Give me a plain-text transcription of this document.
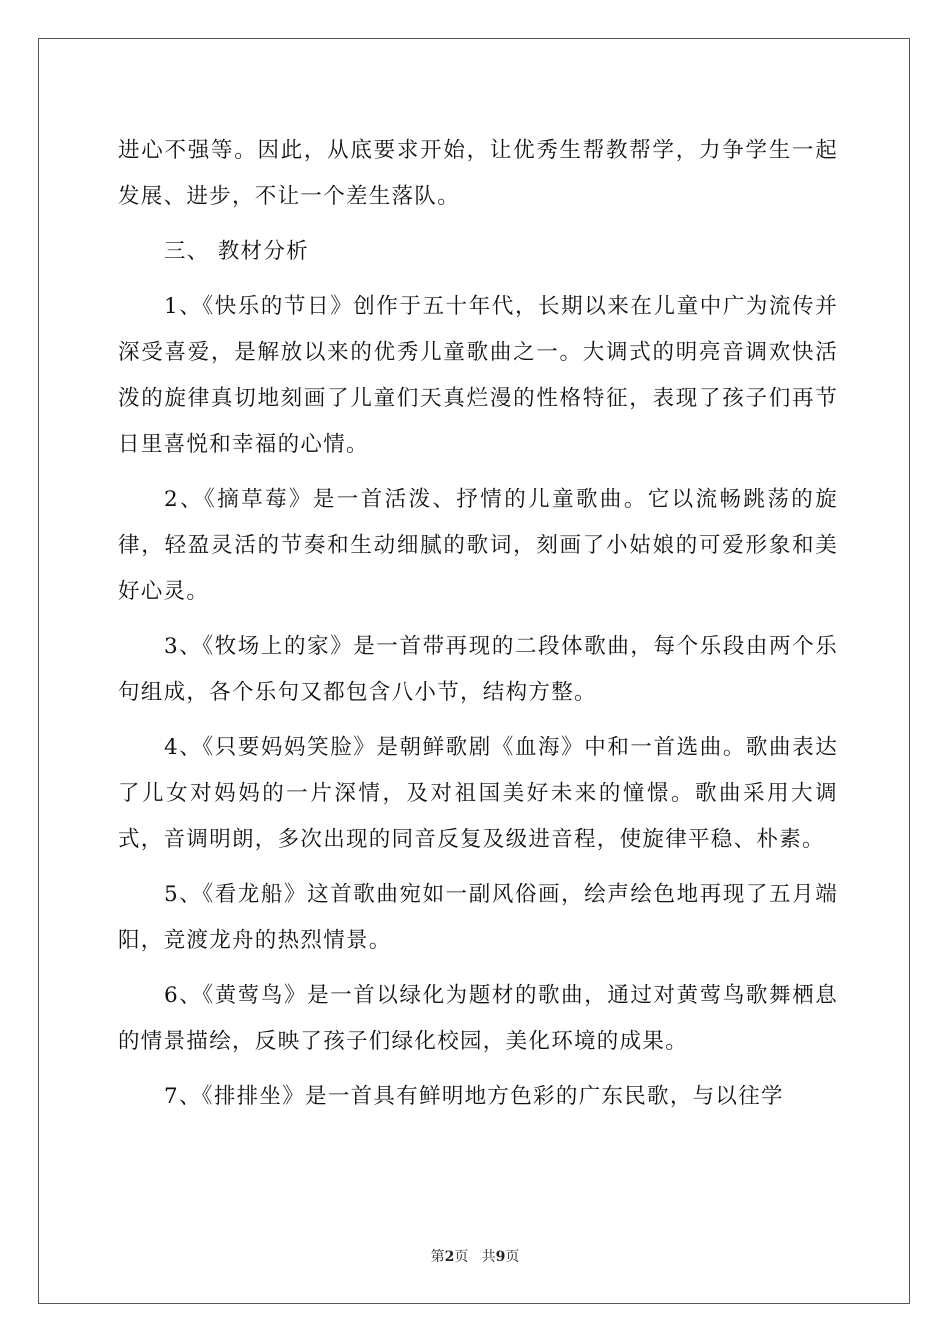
进心不强等。因此，从底要求开始，让优秀生帮教帮学，力争学生一起发展、进步，不让一个差生落队。

三、 教材分析

1、《快乐的节日》创作于五十年代，长期以来在儿童中广为流传并深受喜爱，是解放以来的优秀儿童歌曲之一。大调式的明亮音调欢快活泼的旋律真切地刻画了儿童们天真烂漫的性格特征，表现了孩子们再节日里喜悦和幸福的心情。

2、《摘草莓》是一首活泼、抒情的儿童歌曲。它以流畅跳荡的旋律，轻盈灵活的节奏和生动细腻的歌词，刻画了小姑娘的可爱形象和美好心灵。

3、《牧场上的家》是一首带再现的二段体歌曲，每个乐段由两个乐句组成，各个乐句又都包含八小节，结构方整。

4、《只要妈妈笑脸》是朝鲜歌剧《血海》中和一首选曲。歌曲表达了儿女对妈妈的一片深情，及对祖国美好未来的憧憬。歌曲采用大调式，音调明朗，多次出现的同音反复及级进音程，使旋律平稳、朴素。

5、《看龙船》这首歌曲宛如一副风俗画，绘声绘色地再现了五月端阳，竞渡龙舟的热烈情景。

6、《黄莺鸟》是一首以绿化为题材的歌曲，通过对黄莺鸟歌舞栖息的情景描绘，反映了孩子们绿化校园，美化环境的成果。

7、《排排坐》是一首具有鲜明地方色彩的广东民歌，与以往学

第2页   共9页
